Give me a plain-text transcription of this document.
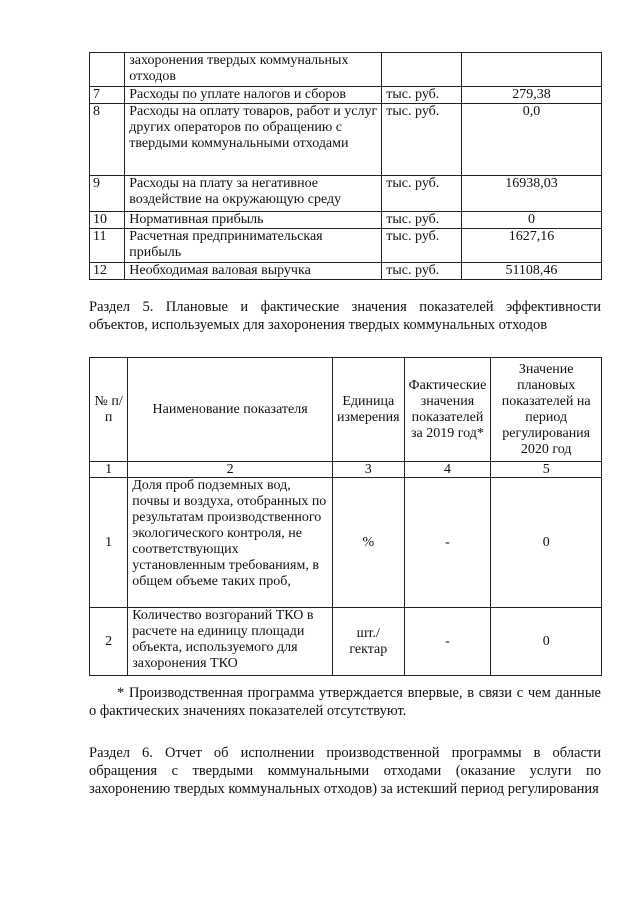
	захоронения твердых коммунальных отходов		
7	Расходы по уплате налогов и сборов	тыс. руб.	279,38
8	Расходы на оплату товаров, работ и услуг других операторов по обращению с твердыми коммунальными отходами	тыс. руб.	0,0
9	Расходы на плату за негативное воздействие на окружающую среду	тыс. руб.	16938,03
10	Нормативная прибыль	тыс. руб.	0
11	Расчетная предпринимательская прибыль	тыс. руб.	1627,16
12	Необходимая валовая выручка	тыс. руб.	51108,46
Раздел 5. Плановые и фактические значения показателей эффективности объектов, используемых для захоронения твердых коммунальных отходов
№ п/п	Наименование показателя	Единица измерения	Фактические значения показателей за 2019 год*	Значение плановых показателей на период регулирования 2020 год
1	2	3	4	5
1	Доля проб подземных вод, почвы и воздуха, отобранных по результатам производственного экологического контроля, не соответствующих установленным требованиям, в общем объеме таких проб,	%	-	0
2	Количество возгораний ТКО в расчете на единицу площади объекта, используемого для захоронения ТКО	шт./ гектар	-	0
* Производственная программа утверждается впервые, в связи с чем данные о фактических значениях показателей отсутствуют.
Раздел 6. Отчет об исполнении производственной программы в области обращения с твердыми коммунальными отходами (оказание услуги по захоронению твердых коммунальных отходов) за истекший период регулирования
